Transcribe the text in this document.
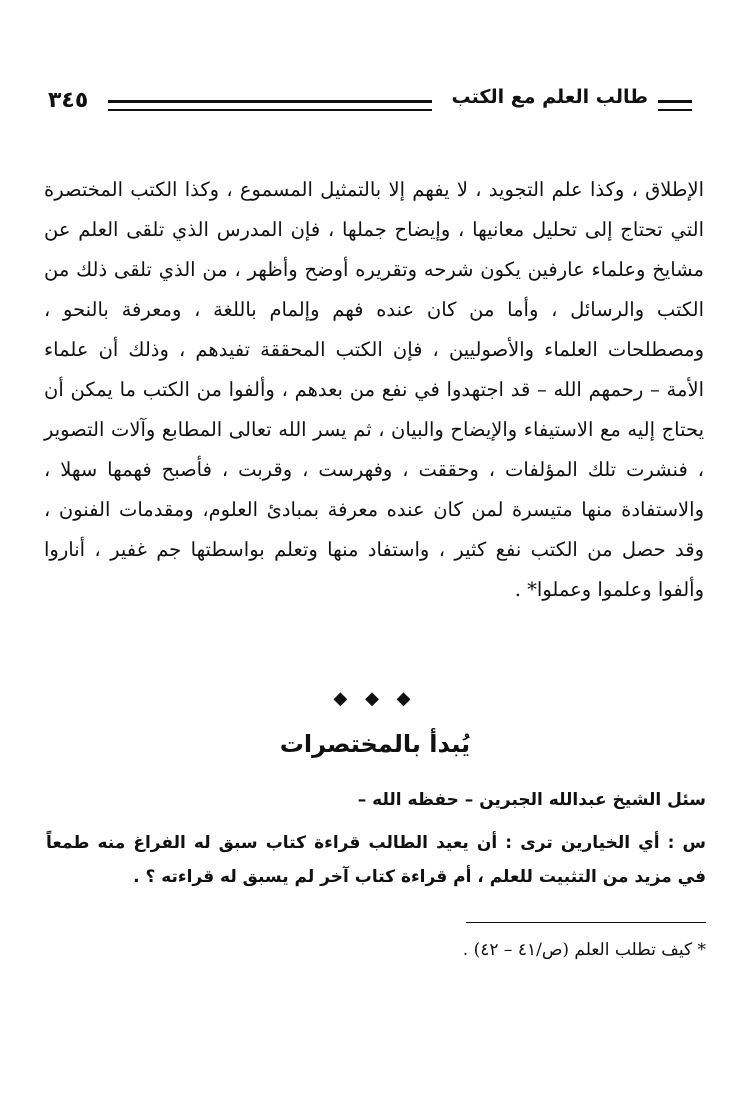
٣٤٥	طالب العلم مع الكتب

الإطلاق ، وكذا علم التجويد ، لا يفهم إلا بالتمثيل المسموع ، وكذا الكتب المختصرة التي تحتاج إلى تحليل معانيها ، وإيضاح جملها ، فإن المدرس الذي تلقى العلم عن مشايخ وعلماء عارفين يكون شرحه وتقريره أوضح وأظهر ، من الذي تلقى ذلك من الكتب والرسائل ، وأما من كان عنده فهم وإلمام باللغة ، ومعرفة بالنحو ، ومصطلحات العلماء والأصوليين ، فإن الكتب المحققة تفيدهم ، وذلك أن علماء الأمة – رحمهم الله – قد اجتهدوا في نفع من بعدهم ، وألفوا من الكتب ما يمكن أن يحتاج إليه مع الاستيفاء والإيضاح والبيان ، ثم يسر الله تعالى المطابع وآلات التصوير ، فنشرت تلك المؤلفات ، وحققت ، وفهرست ، وقربت ، فأصبح فهمها سهلا ، والاستفادة منها متيسرة لمن كان عنده معرفة بمبادئ العلوم، ومقدمات الفنون ، وقد حصل من الكتب نفع كثير ، واستفاد منها وتعلم بواسطتها جم غفير ، أناروا وألفوا وعلموا وعملوا* .

◆ ◆ ◆
يُبدأ بالمختصرات
سئل الشيخ عبدالله الجبرين – حفظه الله –
س : أي الخيارين ترى : أن يعيد الطالب قراءة كتاب سبق له الفراغ منه طمعاً في مزيد من التثبيت للعلم ، أم قراءة كتاب آخر لم يسبق له قراءته ؟ .
* كيف تطلب العلم (ص/٤١ – ٤٢) .
